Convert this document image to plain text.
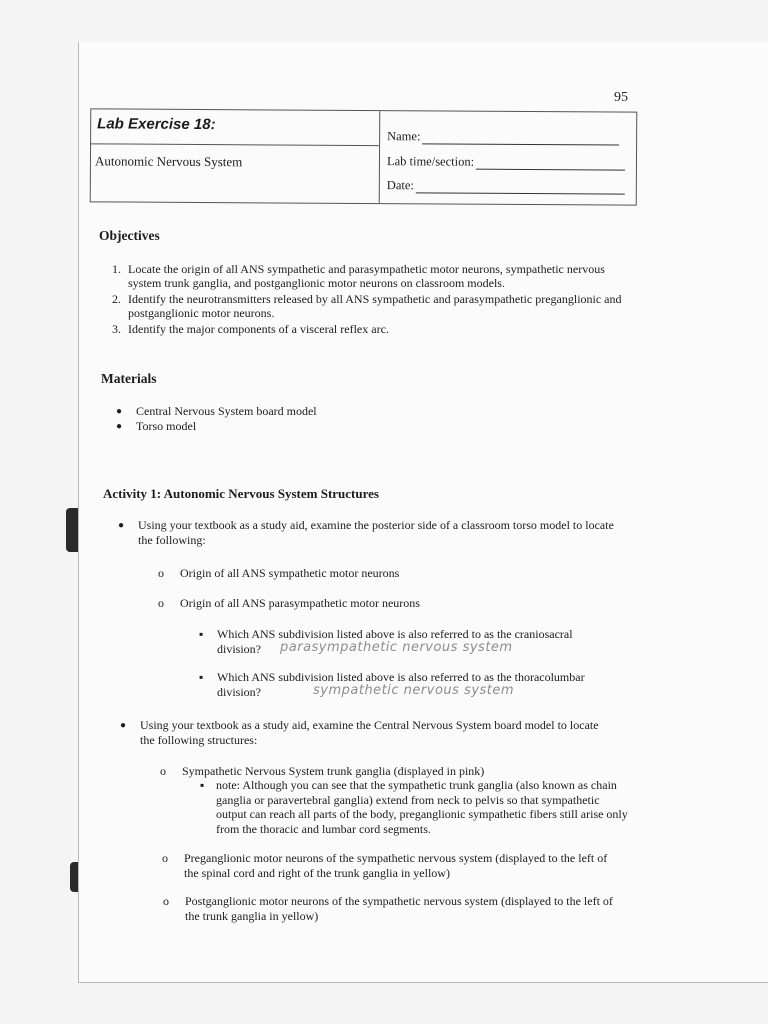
95
Lab Exercise 18:
Autonomic Nervous System
Name:
Lab time/section:
Date:
Objectives
1. Locate the origin of all ANS sympathetic and parasympathetic motor neurons, sympathetic nervous system trunk ganglia, and postganglionic motor neurons on classroom models.
2. Identify the neurotransmitters released by all ANS sympathetic and parasympathetic preganglionic and postganglionic motor neurons.
3. Identify the major components of a visceral reflex arc.
Materials
●	Central Nervous System board model
●	Torso model
Activity 1: Autonomic Nervous System Structures
●	Using your textbook as a study aid, examine the posterior side of a classroom torso model to locate the following:
o	Origin of all ANS sympathetic motor neurons
o	Origin of all ANS parasympathetic motor neurons
▪	Which ANS subdivision listed above is also referred to as the craniosacral division?	parasympathetic nervous system
▪	Which ANS subdivision listed above is also referred to as the thoracolumbar division?	sympathetic nervous system
●	Using your textbook as a study aid, examine the Central Nervous System board model to locate the following structures:
o	Sympathetic Nervous System trunk ganglia (displayed in pink)
▪ note: Although you can see that the sympathetic trunk ganglia (also known as chain ganglia or paravertebral ganglia) extend from neck to pelvis so that sympathetic output can reach all parts of the body, preganglionic sympathetic fibers still arise only from the thoracic and lumbar cord segments.
o	Preganglionic motor neurons of the sympathetic nervous system (displayed to the left of the spinal cord and right of the trunk ganglia in yellow)
o	Postganglionic motor neurons of the sympathetic nervous system (displayed to the left of the trunk ganglia in yellow)
